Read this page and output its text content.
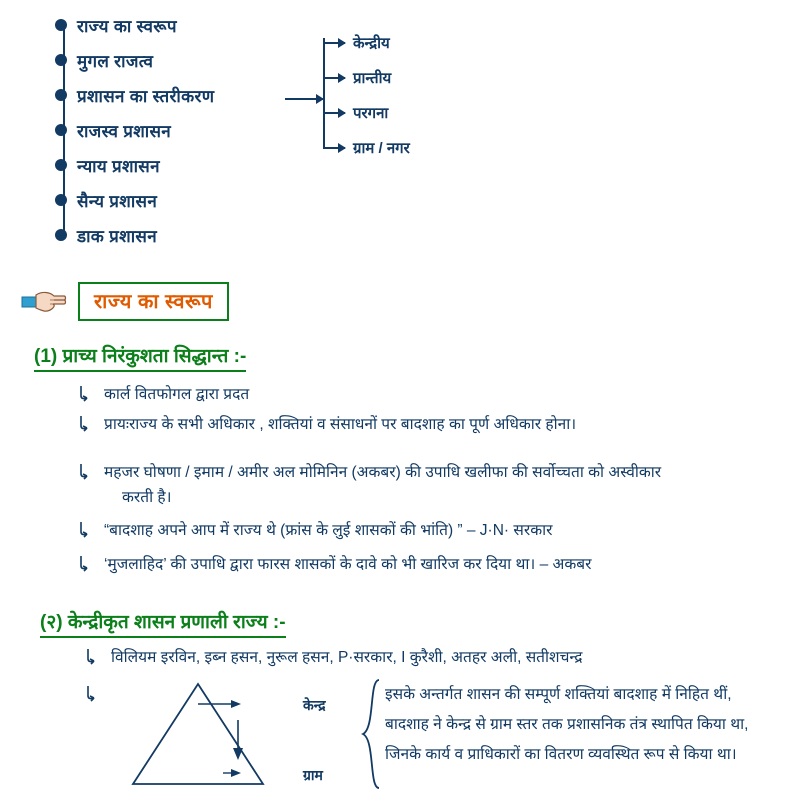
राज्य का स्वरूप
मुगल राजत्व
प्रशासन का स्तरीकरण
राजस्व प्रशासन
न्याय प्रशासन
सैन्य प्रशासन
डाक प्रशासन
केन्द्रीय
प्रान्तीय
परगना
ग्राम / नगर
राज्य का स्वरूप
(1) प्राच्य निरंकुशता सिद्धान्त :-
कार्ल वितफोगल द्वारा प्रदत
प्रायःराज्य के सभी अधिकार , शक्तियां व संसाधनों पर बादशाह का पूर्ण अधिकार होना।
महजर घोषणा / इमाम / अमीर अल मोमिनिन (अकबर) की उपाधि खलीफा की सर्वोच्चता को अस्वीकार
करती है।
“बादशाह अपने आप में राज्य थे (फ्रांस के लुई शासकों की भांति) ” – J·N· सरकार
‘मुजलाहिद’ की उपाधि द्वारा फारस शासकों के दावे को भी खारिज कर दिया था। – अकबर
(२) केन्द्रीकृत शासन प्रणाली राज्य :-
विलियम इरविन, इब्न हसन, नुरूल हसन, P·सरकार, I कुरैशी, अतहर अली, सतीशचन्द्र
केन्द्र
ग्राम
इसके अन्तर्गत शासन की सम्पूर्ण शक्तियां बादशाह में निहित थीं,
बादशाह ने केन्द्र से ग्राम स्तर तक प्रशासनिक तंत्र स्थापित किया था,
जिनके कार्य व प्राधिकारों का वितरण व्यवस्थित रूप से किया था।
